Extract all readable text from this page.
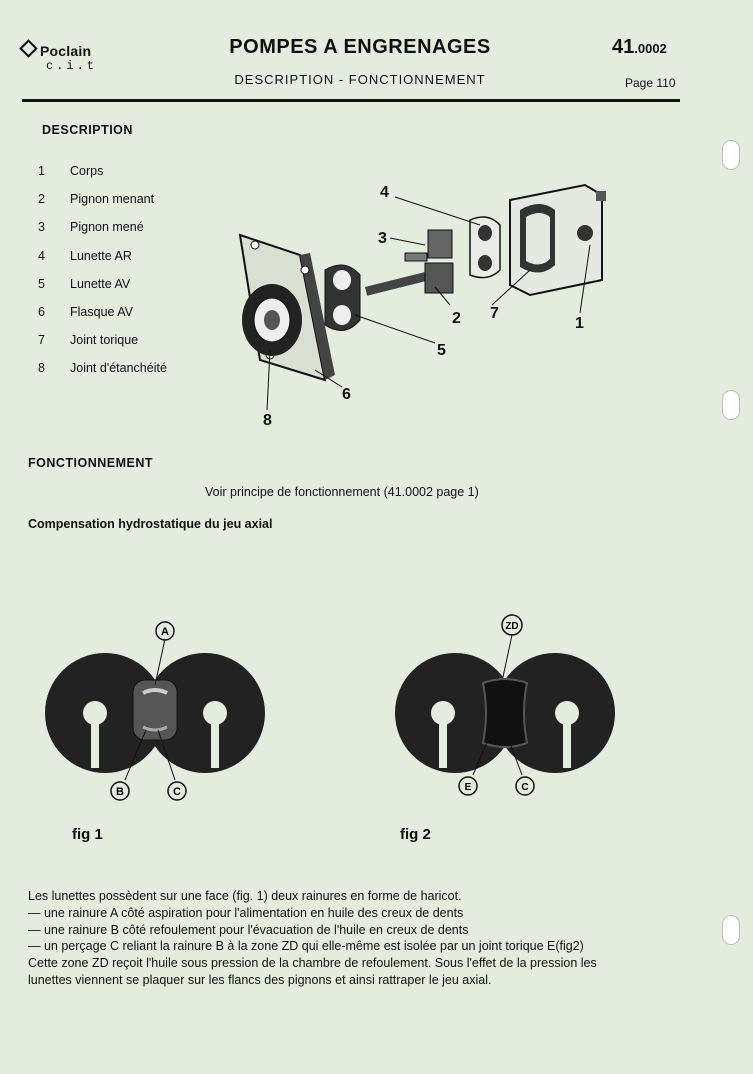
Poclain
c.i.t
POMPES A ENGRENAGES
DESCRIPTION - FONCTIONNEMENT
41.0002
Page 110
DESCRIPTION
1	Corps
2	Pignon menant
3	Pignon mené
4	Lunette AR
5	Lunette AV
6	Flasque AV
7	Joint torique
8	Joint d'étanchéité
4
3
2 7
1
5
6
8
FONCTIONNEMENT
Voir principe de fonctionnement (41.0002 page 1)
Compensation hydrostatique du jeu axial
A
B	C
ZD
E	C
fig 1	fig 2
Les lunettes possèdent sur une face (fig. 1) deux rainures en forme de haricot.
— une rainure A côté aspiration pour l'alimentation en huile des creux de dents
— une rainure B côté refoulement pour l'évacuation de l'huile en creux de dents
— un perçage C reliant la rainure B à la zone ZD qui elle-même est isolée par un joint torique E(fig2)
Cette zone ZD reçoit l'huile sous pression de la chambre de refoulement. Sous l'effet de la pression les
lunettes viennent se plaquer sur les flancs des pignons et ainsi rattraper le jeu axial.
